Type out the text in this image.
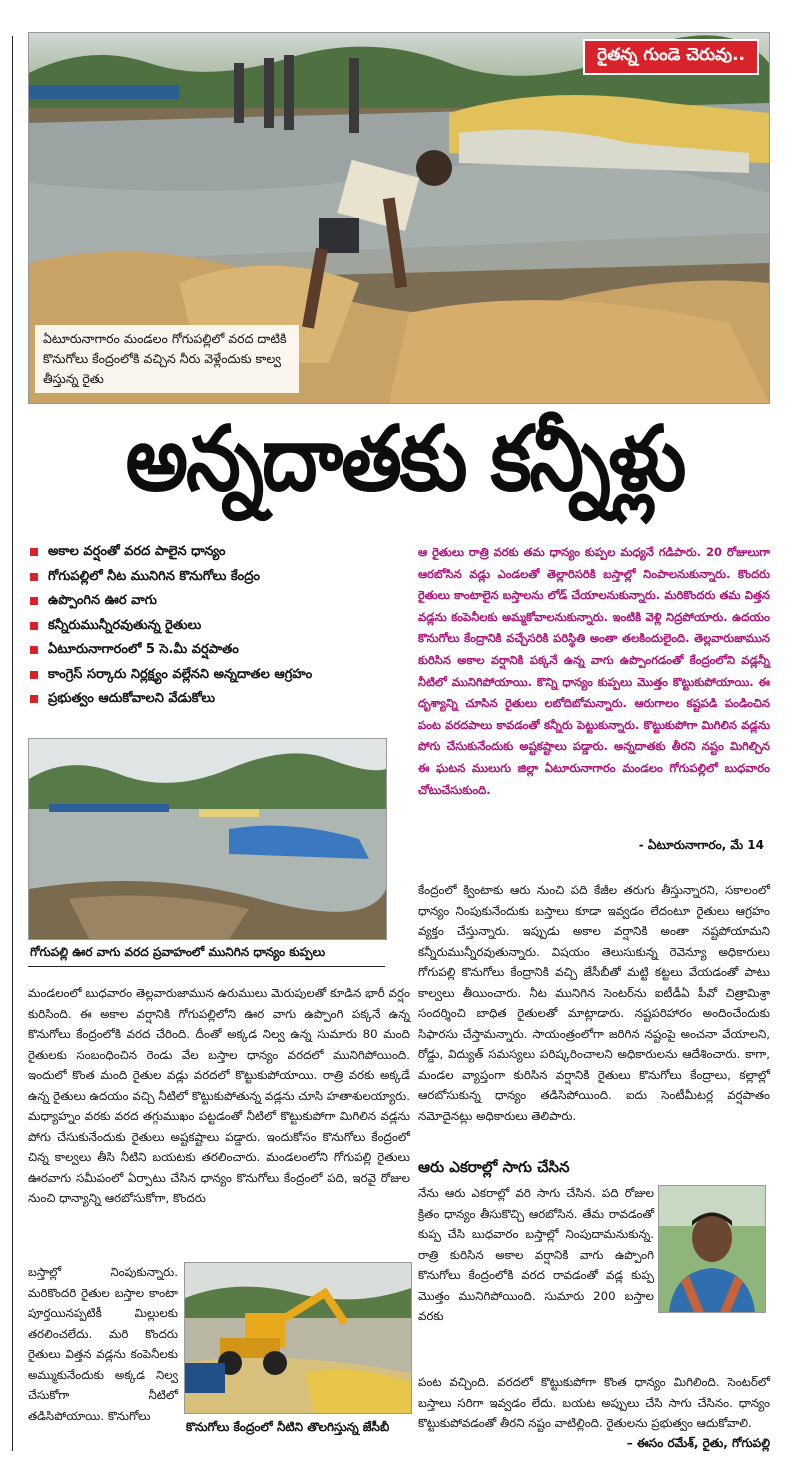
రైతన్న గుండె చెరువు..
ఏటూరునాగారం మండలం గోగుపల్లిలో వరద దాటికి కొనుగోలు కేంద్రంలోకి వచ్చిన నీరు వెళ్లేందుకు కాల్వ తీస్తున్న రైతు
అన్నదాతకు కన్నీళ్లు
అకాల వర్షంతో వరద పాలైన ధాన్యం
గోగుపల్లిలో నీట మునిగిన కొనుగోలు కేంద్రం
ఉప్పొంగిన ఊర వాగు
కన్నీరుమున్నీరవుతున్న రైతులు
ఏటూరునాగారంలో 5 సె.మీ వర్షపాతం
కాంగ్రెస్ సర్కారు నిర్లక్ష్యం వల్లేనని అన్నదాతల ఆగ్రహం
ప్రభుత్వం ఆదుకోవాలని వేడుకోలు
ఆ రైతులు రాత్రి వరకు తమ ధాన్యం కుప్పల మధ్యనే గడిపారు. 20 రోజులుగా ఆరబోసిన వడ్లు ఎండలతో తెల్లారిసరికి బస్తాల్లో నింపాలనుకున్నారు. కొందరు రైతులు కాంటాలైన బస్తాలను లోడ్ చేయాలనుకున్నారు. మరికొందరు తమ విత్తన వడ్లను కంపెనీలకు అమ్మకోవాలనుకున్నారు. ఇంటికి వెళ్లి నిద్రపోయారు. ఉదయం కొనుగోలు కేంద్రానికి వచ్చేసరికి పరిస్థితి అంతా తలకిందులైంది. తెల్లవారుజామున కురిసిన అకాల వర్షానికి పక్కనే ఉన్న వాగు ఉప్పొంగడంతో కేంద్రంలోని వడ్లన్నీ నీటిలో మునిగిపోయాయి. కొన్ని ధాన్యం కుప్పలు మొత్తం కొట్టుకుపోయాయి. ఈ దృశ్యాన్ని చూసిన రైతులు లబోదిబోమన్నారు. ఆరుగాలం కష్టపడి పండించిన పంట వరదపాలు కావడంతో కన్నీరు పెట్టుకున్నారు. కొట్టుకుపోగా మిగిలిన వడ్లను పోగు చేసుకునేందుకు అష్టకష్టాలు పడ్డారు. అన్నదాతకు తీరని నష్టం మిగిల్చిన ఈ ఘటన ములుగు జిల్లా ఏటూరునాగారం మండలం గోగుపల్లిలో బుధవారం చోటుచేసుకుంది.
- ఏటూరునాగారం, మే 14
గోగుపల్లి ఊర వాగు వరద ప్రవాహంలో మునిగిన ధాన్యం కుప్పలు
మండలంలో బుధవారం తెల్లవారుజామున ఉరుములు మెరుపులతో కూడిన భారీ వర్షం కురిసింది. ఈ అకాల వర్షానికి గోగుపల్లిలోని ఊర వాగు ఉప్పొంగి పక్కనే ఉన్న కొనుగోలు కేంద్రంలోకి వరద చేరింది. దీంతో అక్కడ నిల్వ ఉన్న సుమారు 80 మంది రైతులకు సంబంధించిన రెండు వేల బస్తాల ధాన్యం వరదలో మునిగిపోయింది. ఇందులో కొంత మంది రైతుల వడ్లు వరదలో కొట్టుకుపోయాయి. రాత్రి వరకు అక్కడే ఉన్న రైతులు ఉదయం వచ్చి నీటిలో కొట్టుకుపోతున్న వడ్లను చూసి హతాశులయ్యారు. మధ్యాహ్నం వరకు వరద తగ్గుముఖం పట్టడంతో నీటిలో కొట్టుకుపోగా మిగిలిన వడ్లను పోగు చేసుకునేందుకు రైతులు అష్టకష్టాలు పడ్డారు. ఇందుకోసం కొనుగోలు కేంద్రంలో చిన్న కాల్వలు తీసి నీటిని బయటకు తరలించారు. మండలంలోని గోగుపల్లి రైతులు ఊరవాగు సమీపంలో ఏర్పాటు చేసిన ధాన్యం కొనుగోలు కేంద్రంలో పది, ఇరవై రోజుల నుంచి ధాన్యాన్ని ఆరబోసుకోగా, కొందరు
బస్తాల్లో నింపుకున్నారు. మరికొందరి రైతుల బస్తాల కాంటా పూర్తయినప్పటికీ మిల్లులకు తరలించలేదు. మరి కొందరు రైతులు విత్తన వడ్లను కంపెనీలకు అమ్ముకునేందుకు అక్కడ నిల్వ చేసుకోగా నీటిలో తడిసిపోయాయి. కొనుగోలు
కొనుగోలు కేంద్రంలో నీటిని తొలగిస్తున్న జేసీబీ
కేంద్రంలో క్వింటాకు ఆరు నుంచి పది కేజీల తరుగు తీస్తున్నారని, సకాలంలో ధాన్యం నింపుకునేందుకు బస్తాలు కూడా ఇవ్వడం లేదంటూ రైతులు ఆగ్రహం వ్యక్తం చేస్తున్నారు. ఇప్పుడు అకాల వర్షానికి అంతా నష్టపోయామని కన్నీరుమున్నీరవుతున్నారు. విషయం తెలుసుకున్న రెవెన్యూ అధికారులు గోగుపల్లి కొనుగోలు కేంద్రానికి వచ్చి జేసీబీతో మట్టి కట్టలు వేయడంతో పాటు కాల్వలు తీయించారు. నీట మునిగిన సెంటర్‌ను ఐటీడీఏ పీవో చిత్రామిశ్రా సందర్శించి బాధిత రైతులతో మాట్లాడారు. నష్టపరిహారం అందించేందుకు సిఫారసు చేస్తామన్నారు. సాయంత్రంలోగా జరిగిన నష్టంపై అంచనా వేయాలని, రోడ్డు, విద్యుత్ సమస్యలు పరిష్కరించాలని అధికారులను ఆదేశించారు. కాగా, మండల వ్యాప్తంగా కురిసిన వర్షానికి రైతులు కొనుగోలు కేంద్రాలు, కల్లాల్లో ఆరబోసుకున్న ధాన్యం తడిసిపోయింది. ఐదు సెంటీమీటర్ల వర్షపాతం నమోదైనట్లు అధికారులు తెలిపారు.
ఆరు ఎకరాల్లో సాగు చేసిన
నేను ఆరు ఎకరాల్లో వరి సాగు చేసిన. పది రోజుల క్రితం ధాన్యం తీసుకొచ్చి ఆరబోసిన. తేమ రావడంతో కుప్ప చేసి బుధవారం బస్తాల్లో నింపుదామనుకున్న. రాత్రి కురిసిన అకాల వర్షానికి వాగు ఉప్పొంగి కొనుగోలు కేంద్రంలోకి వరద రావడంతో వడ్ల కుప్ప మొత్తం మునిగిపోయింది. సుమారు 200 బస్తాల వరకు
పంట వచ్చింది. వరదలో కొట్టుకుపోగా కొంత ధాన్యం మిగిలింది. సెంటర్‌లో బస్తాలు సరిగా ఇవ్వడం లేదు. బయట అప్పులు చేసి సాగు చేసినం. ధాన్యం కొట్టుకుపోవడంతో తీరని నష్టం వాటిల్లింది. రైతులను ప్రభుత్వం ఆదుకోవాలి.
– ఈసం రమేశ్, రైతు, గోగుపల్లి
